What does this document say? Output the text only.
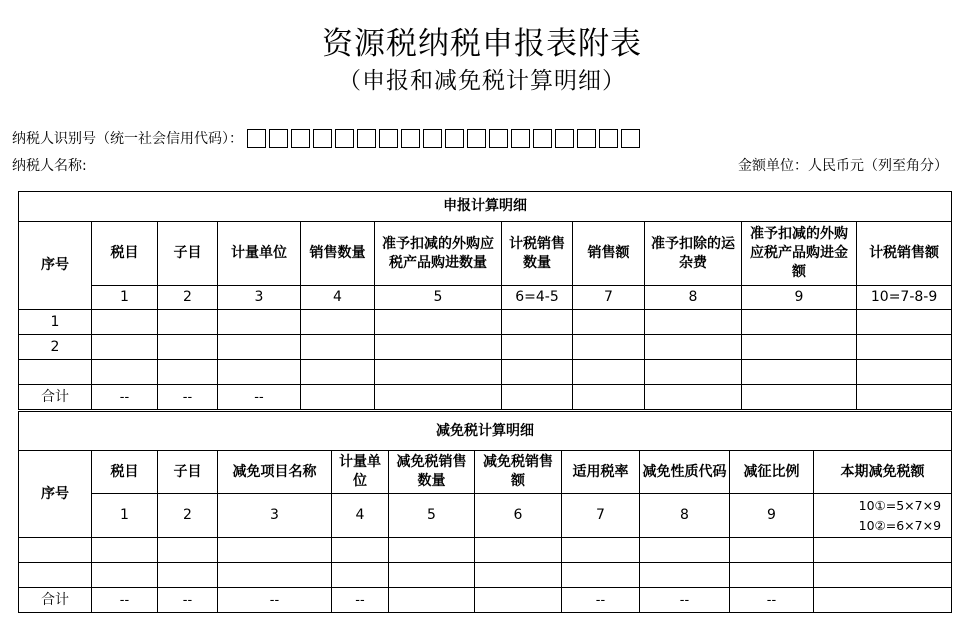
资源税纳税申报表附表
（申报和减免税计算明细）
纳税人识别号（统一社会信用代码）：
纳税人名称:	金额单位：人民币元（列至角分）
申报计算明细										
序号	税目	子目	计量单位	销售数量	准予扣减的外购应税产品购进数量	计税销售数量	销售额	准予扣除的运杂费	准予扣减的外购应税产品购进金额	计税销售额
	1	2	3	4	5	6=4-5	7	8	9	10=7-8-9
1										
2										

合计	--	--	--							
减免税计算明细										
序号	税目	子目	减免项目名称	计量单位	减免税销售数量	减免税销售额	适用税率	减免性质代码	减征比例	本期减免税额
	1	2	3	4	5	6	7	8	9	10①=5×7×9
10②=6×7×9

合计	--	--	--	--			--	--	--	
